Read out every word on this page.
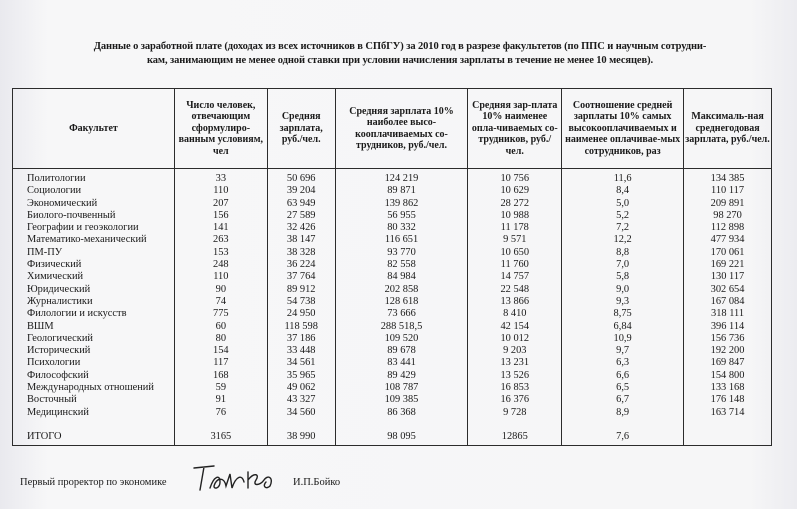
Данные о заработной плате (доходах из всех источников в СПбГУ) за 2010 год в разрезе факультетов (по ППС и научным сотрудни-
кам, занимающим не менее одной ставки при условии начисления зарплаты в течение не менее 10 месяцев).
Факультет	Число человек, отвечающим сформулиро-ванным условиям, чел	Средняя зарплата, руб./чел.	Средняя зарплата 10% наиболее высо-кооплачиваемых со-трудников, руб./чел.	Средняя зар-плата 10% наименее опла-чиваемых со-трудников, руб./чел.	Соотношение средней зарплаты 10% самых высокооплачиваемых и наименее оплачивае-мых сотрудников, раз	Максималь-ная среднегодовая зарплата, руб./чел.
Политологии	33	50 696	124 219	10 756	11,6	134 385
Социологии	110	39 204	89 871	10 629	8,4	110 117
Экономический	207	63 949	139 862	28 272	5,0	209 891
Биолого-почвенный	156	27 589	56 955	10 988	5,2	98 270
Географии и геоэкологии	141	32 426	80 332	11 178	7,2	112 898
Математико-механический	263	38 147	116 651	9 571	12,2	477 934
ПМ-ПУ	153	38 328	93 770	10 650	8,8	170 061
Физический	248	36 224	82 558	11 760	7,0	169 221
Химический	110	37 764	84 984	14 757	5,8	130 117
Юридический	90	89 912	202 858	22 548	9,0	302 654
Журналистики	74	54 738	128 618	13 866	9,3	167 084
Филологии и искусств	775	24 950	73 666	8 410	8,75	318 111
ВШМ	60	118 598	288 518,5	42 154	6,84	396 114
Геологический	80	37 186	109 520	10 012	10,9	156 736
Исторический	154	33 448	89 678	9 203	9,7	192 200
Психологии	117	34 561	83 441	13 231	6,3	169 847
Философский	168	35 965	89 429	13 526	6,6	154 800
Международных отношений	59	49 062	108 787	16 853	6,5	133 168
Восточный	91	43 327	109 385	16 376	6,7	176 148
Медицинский	76	34 560	86 368	9 728	8,9	163 714

ИТОГО	3165	38 990	98 095	12865	7,6	
Первый проректор по экономике	И.П.Бойко
